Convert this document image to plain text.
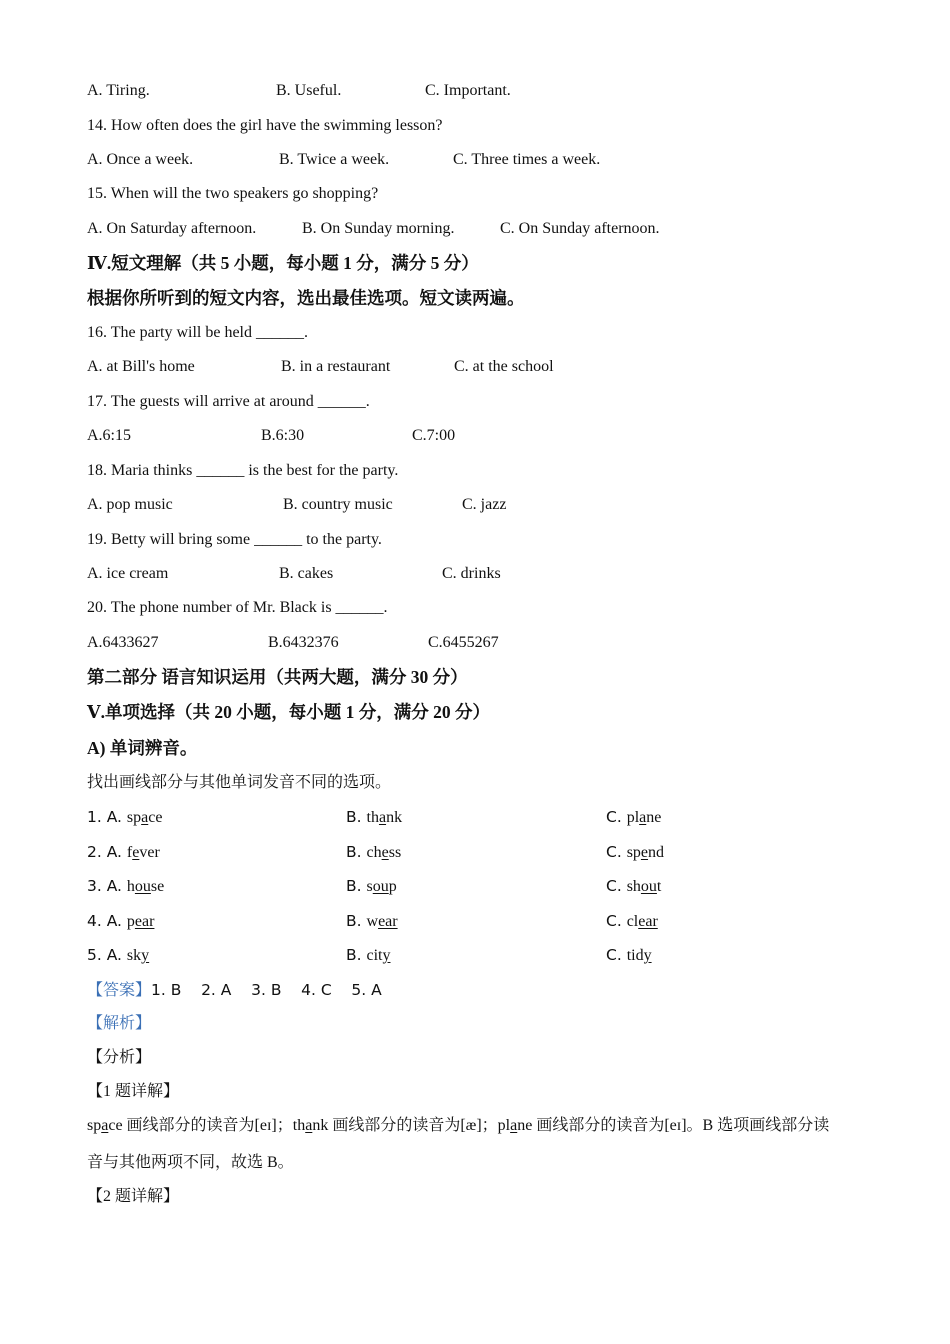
A. Tiring.	B. Useful.	C. Important.
14. How often does the girl have the swimming lesson?
A. Once a week.	B. Twice a week.	C. Three times a week.
15. When will the two speakers go shopping?
A. On Saturday afternoon.	B. On Sunday morning.	C. On Sunday afternoon.
Ⅳ.短文理解（共 5 小题，每小题 1 分，满分 5 分）
根据你所听到的短文内容，选出最佳选项。短文读两遍。
16. The party will be held ______.
A. at Bill's home	B. in a restaurant	C. at the school
17. The guests will arrive at around ______.
A.6:15	B.6:30	C.7:00
18. Maria thinks ______ is the best for the party.
A. pop music	B. country music	C. jazz
19. Betty will bring some ______ to the party.
A. ice cream	B. cakes	C. drinks
20. The phone number of Mr. Black is ______.
A.6433627	B.6432376	C.6455267
第二部分 语言知识运用（共两大题，满分 30 分）
Ⅴ.单项选择（共 20 小题，每小题 1 分，满分 20 分）
A) 单词辨音。
找出画线部分与其他单词发音不同的选项。
1. A. space	B. thank	C. plane
2. A. fever	B. chess	C. spend
3. A. house	B. soup	C. shout
4. A. pear	B. wear	C. clear
5. A. sky	B. city	C. tidy
【答案】1. B    2. A    3. B    4. C    5. A
【解析】
【分析】
【1 题详解】
space 画线部分的读音为[eɪ]；thank 画线部分的读音为[æ]；plane 画线部分的读音为[eɪ]。B 选项画线部分读
音与其他两项不同，故选 B。
【2 题详解】
